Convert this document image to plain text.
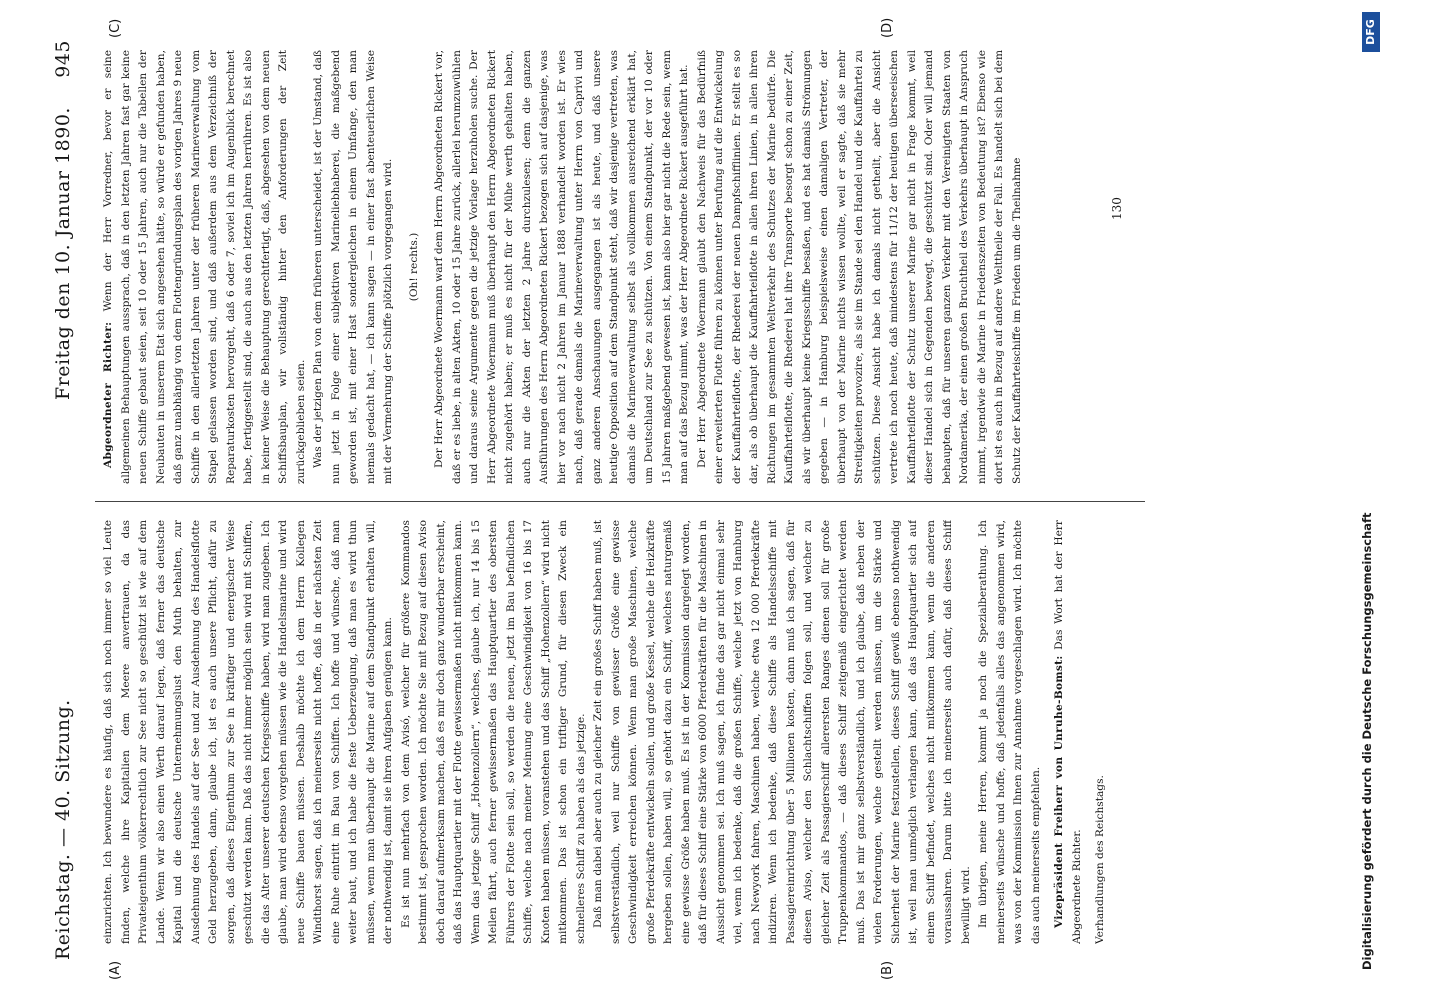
Reichstag. — 40. Sitzung.
Freitag den 10. Januar 1890.
945
(A)	(B)
(C)	(D)

einzurichten. Ich bewundere es häufig, daß sich noch immer so viel Leute finden, welche ihre Kapitalien dem Meere anvertrauen, da das Privateigenthum völkerrechtlich zur See nicht so geschützt ist wie auf dem Lande. Wenn wir also einen Werth darauf legen, daß ferner das deutsche Kapital und die deutsche Unternehmungslust den Muth behalten, zur Ausdehnung des Handels auf der See und zur Ausdehnung des Handelsflotte Geld herzugeben, dann, glaube ich, ist es auch unsere Pflicht, dafür zu sorgen, daß dieses Eigenthum zur See in kräftiger und energischer Weise geschützt werden kann. Daß das nicht immer möglich sein wird mit Schiffen, die das Alter unserer deutschen Kriegsschiffe haben, wird man zugeben. Ich glaube, man wird ebenso vorgehen müssen wie die Handelsmarine und wird neue Schiffe bauen müssen. Deshalb möchte ich dem Herrn Kollegen Windthorst sagen, daß ich meinerseits nicht hoffe, daß in der nächsten Zeit eine Ruhe eintritt im Bau von Schiffen. Ich hoffe und wünsche, daß man weiter baut, und ich habe die feste Ueberzeugung, daß man es wird thun müssen, wenn man überhaupt die Marine auf dem Standpunkt erhalten will, der nothwendig ist, damit sie ihren Aufgaben genügen kann. Es ist nun mehrfach von dem Avisó, welcher für größere Kommandos bestimmt ist, gesprochen worden. Ich möchte Sie mit Bezug auf diesen Aviso doch darauf aufmerksam machen, daß es mir doch ganz wunderbar erscheint, daß das Hauptquartier mit der Flotte gewissermaßen nicht mitkommen kann. Wenn das jetzige Schiff „Hohenzollern“, welches, glaube ich, nur 14 bis 15 Meilen fährt, auch ferner gewissermaßen das Hauptquartier des obersten Führers der Flotte sein soll, so werden die neuen, jetzt im Bau befindlichen Schiffe, welche nach meiner Meinung eine Geschwindigkeit von 16 bis 17 Knoten haben müssen, voranstehen und das Schiff „Hohenzollern“ wird nicht mitkommen. Das ist schon ein triftiger Grund, für diesen Zweck ein schnelleres Schiff zu haben als das jetzige. Daß man dabei aber auch zu gleicher Zeit ein großes Schiff haben muß, ist selbstverständlich, weil nur Schiffe von gewisser Größe eine gewisse Geschwindigkeit erreichen können. Wenn man große Maschinen, welche große Pferdekräfte entwickeln sollen, und große Kessel, welche die Heizkräfte hergeben sollen, haben will, so gehört dazu ein Schiff, welches naturgemäß eine gewisse Größe haben muß. Es ist in der Kommission dargelegt worden, daß für dieses Schiff eine Stärke von 6000 Pferdekräften für die Maschinen in Aussicht genommen sei. Ich muß sagen, ich finde das gar nicht einmal sehr viel, wenn ich bedenke, daß die großen Schiffe, welche jetzt von Hamburg nach Newyork fahren, Maschinen haben, welche etwa 12 000 Pferdekräfte indiziren. Wenn ich bedenke, daß diese Schiffe als Handelsschiffe mit Passagiereinrichtung über 5 Millionen kosten, dann muß ich sagen, daß für diesen Aviso, welcher den Schlachtschiffen folgen soll, und welcher zu gleicher Zeit als Passagierschiff allerersten Ranges dienen soll für große Truppenkommandos, — daß dieses Schiff zeitgemäß eingerichtet werden muß. Das ist mir ganz selbstverständlich, und ich glaube, daß neben der vielen Forderungen, welche gestellt werden müssen, um die Stärke und Sicherheit der Marine festzustellen, dieses Schiff gewiß ebenso nothwendig ist, weil man unmöglich verlangen kann, daß das Hauptquartier sich auf einem Schiff befindet, welches nicht mitkommen kann, wenn die anderen voraussahren. Darum bitte ich meinerseits auch dafür, daß dieses Schiff bewilligt wird. Im übrigen, meine Herren, kommt ja noch die Spezialberathung. Ich meinerseits wünsche und hoffe, daß jedenfalls alles das angenommen wird, was von der Kommission Ihnen zur Annahme vorgeschlagen wird. Ich möchte das auch meinerseits empfehlen.	Vizepräsident Freiherr von Unruhe-Bomst: Das Wort hat der Herr Abgeordnete Richter.	Verhandlungen des Reichstags.

Abgeordneter Richter: Wenn der Herr Vorredner, bevor er seine allgemeinen Behauptungen aussprach, daß in den letzten Jahren fast gar keine neuen Schiffe gebaut seien, seit 10 oder 15 Jahren, auch nur die Tabellen der Neubauten in unserem Etat sich angesehen hätte, so würde er gefunden haben, daß ganz unabhängig von dem Flottengründungsplan des vorigen Jahres 9 neue Schiffe in den allerletzten Jahren unter der früheren Marineverwaltung vom Stapel gelassen worden sind, und daß außerdem aus dem Verzeichniß der Reparaturkosten hervorgeht, daß 6 oder 7, soviel ich im Augenblick berechnet habe, fertiggestellt sind, die auch aus den letzten Jahren herrühren. Es ist also in keiner Weise die Behauptung gerechtfertigt, daß, abgesehen von dem neuen Schiffsbauplan, wir vollständig hinter den Anforderungen der Zeit zurückgeblieben seien. Was der jetzigen Plan von dem früheren unterscheidet, ist der Umstand, daß nun jetzt in Folge einer subjektiven Marineliebhaberei, die maßgebend geworden ist, mit einer Hast sondergleichen in einem Umfange, den man niemals gedacht hat, — ich kann sagen — in einer fast abenteuerlichen Weise mit der Vermehrung der Schiffe plötzlich vorgegangen wird.	(Oh! rechts.)	Der Herr Abgeordnete Woermann warf dem Herrn Abgeordneten Rickert vor, daß er es liebe, in alten Akten, 10 oder 15 Jahre zurück, allerlei herumzuwühlen und daraus seine Argumente gegen die jetzige Vorlage herzuholen suche. Der Herr Abgeordnete Woermann muß überhaupt den Herrn Abgeordneten Rickert nicht zugehört haben; er muß es nicht für der Mühe werth gehalten haben, auch nur die Akten der letzten 2 Jahre durchzulesen; denn die ganzen Ausführungen des Herrn Abgeordneten Rickert bezogen sich auf dasjenige, was hier vor nach nicht 2 Jahren im Januar 1888 verhandelt worden ist. Er wies nach, daß gerade damals die Marineverwaltung unter Herrn von Caprivi und ganz anderen Anschauungen ausgegangen ist als heute, und daß unsere heutige Opposition auf dem Standpunkt steht, daß wir dasjenige vertreten, was damals die Marineverwaltung selbst als vollkommen ausreichend erklärt hat, um Deutschland zur See zu schützen. Von einem Standpunkt, der vor 10 oder 15 Jahren maßgebend gewesen ist, kann also hier gar nicht die Rede sein, wenn man auf das Bezug nimmt, was der Herr Abgeordnete Rickert ausgeführt hat. Der Herr Abgeordnete Woermann glaubt den Nachweis für das Bedürfniß einer erweiterten Flotte führen zu können unter Berufung auf die Entwickelung der Kauffahrteiflotte, der Rhederei der neuen Dampfschifflinien. Er stellt es so dar, als ob überhaupt die Kauffahrteiflotte in allen ihren Linien, in allen ihren Richtungen im gesammten Weltverkehr des Schutzes der Marine bedürfe. Die Kauffahrteiflotte, die Rhederei hat ihre Transporte besorgt schon zu einer Zeit, als wir überhaupt keine Kriegsschiffe besaßen, und es hat damals Strömungen gegeben — in Hamburg beispielsweise einen damaligen Vertreter, der überhaupt von der Marine nichts wissen wollte, weil er sagte, daß sie mehr Streitigkeiten provozire, als sie im Stande sei den Handel und die Kauffahrtei zu schützen. Diese Ansicht habe ich damals nicht getheilt, aber die Ansicht vertrete ich noch heute, daß mindestens für 11/12 der heutigen überseeischen Kauffahrteiflotte der Schutz unserer Marine gar nicht in Frage kommt, weil dieser Handel sich in Gegenden bewegt, die geschützt sind. Oder will jemand behaupten, daß für unseren ganzen Verkehr mit den Vereinigten Staaten von Nordamerika, der einen großen Bruchtheil des Verkehrs überhaupt in Anspruch nimmt, irgendwie die Marine in Friedenszeiten von Bedeutung ist? Ebenso wie dort ist es auch in Bezug auf andere Welttheile der Fall. Es handelt sich bei dem Schutz der Kauffahrteischiffe im Frieden um die Theilnahme	130
Digitalisierung gefördert durch die Deutsche Forschungsgemeinschaft
DFG
